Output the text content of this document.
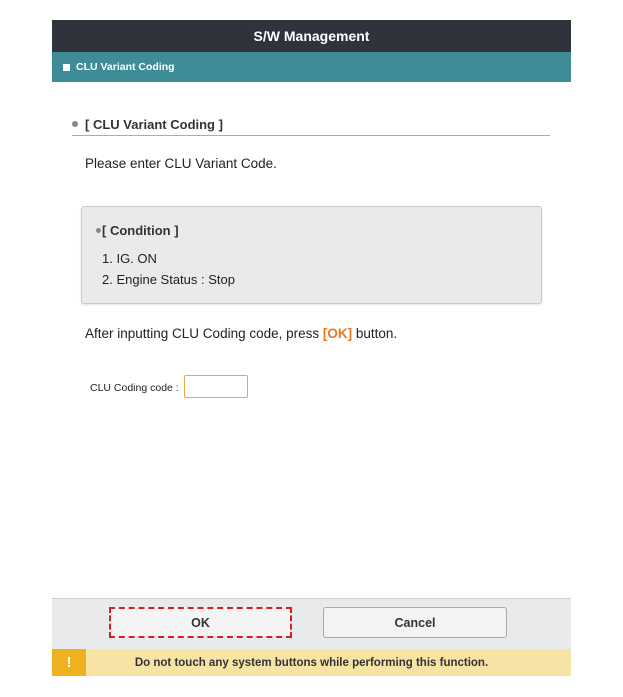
S/W Management
CLU Variant Coding
[ CLU Variant Coding ]
Please enter CLU Variant Code.
[ Condition ]
1. IG. ON
2. Engine Status : Stop
After inputting CLU Coding code, press [OK] button.
CLU Coding code :
OK	Cancel
!	Do not touch any system buttons while performing this function.
